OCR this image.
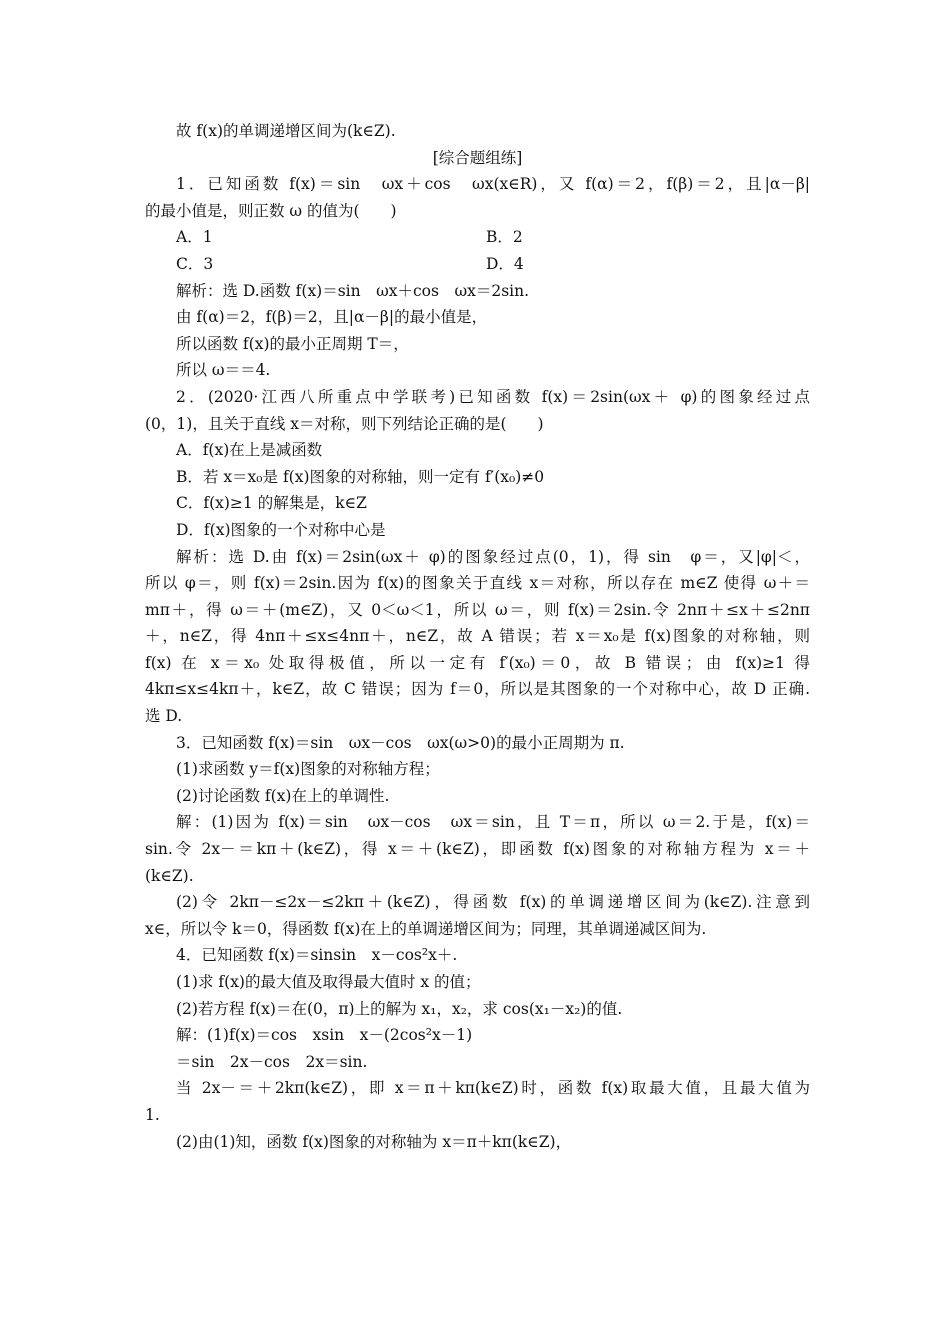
故 f(x)的单调递增区间为(k∈Z).
[综合题组练]
1．已知函数 f(x)＝sin　ωx＋cos　ωx(x∈R)，又 f(α)＝2，f(β)＝2，且|α－β|
的最小值是，则正数 ω 的值为(　　)
A．1	B．2
C．3	D．4
解析：选 D.函数 f(x)＝sin　ωx＋cos　ωx＝2sin.
由 f(α)＝2，f(β)＝2，且|α－β|的最小值是，
所以函数 f(x)的最小正周期 T＝，
所以 ω＝＝4.
2．(2020·江西八所重点中学联考)已知函数 f(x)＝2sin(ωx＋ φ)的图象经过点
(0，1)，且关于直线 x＝对称，则下列结论正确的是(　　)
A．f(x)在上是减函数
B．若 x＝x₀是 f(x)图象的对称轴，则一定有 f′(x₀)≠0
C．f(x)≥1 的解集是，k∈Z
D．f(x)图象的一个对称中心是
解析：选 D.由 f(x)＝2sin(ωx＋ φ)的图象经过点(0，1)，得 sin　φ＝，又|φ|＜，
所以 φ＝，则 f(x)＝2sin.因为 f(x)的图象关于直线 x＝对称，所以存在 m∈Z 使得 ω＋＝
mπ＋，得 ω＝＋(m∈Z)，又 0＜ω＜1，所以 ω＝，则 f(x)＝2sin.令 2nπ＋≤x＋≤2nπ
＋，n∈Z，得 4nπ＋≤x≤4nπ＋，n∈Z，故 A 错误；若 x＝x₀是 f(x)图象的对称轴，则
f(x) 在 x＝x₀ 处取得极值，所以一定有 f′(x₀)＝0，故 B 错误；由 f(x)≥1 得
4kπ≤x≤4kπ＋，k∈Z，故 C 错误；因为 f＝0，所以是其图象的一个对称中心，故 D 正确.
选 D.
3．已知函数 f(x)＝sin　ωx－cos　ωx(ω>0)的最小正周期为 π.
(1)求函数 y＝f(x)图象的对称轴方程；
(2)讨论函数 f(x)在上的单调性.
解：(1)因为 f(x)＝sin　ωx－cos　ωx＝sin，且 T＝π，所以 ω＝2.于是，f(x)＝
sin.令 2x－＝kπ＋(k∈Z)，得 x＝＋(k∈Z)，即函数 f(x)图象的对称轴方程为 x＝＋
(k∈Z).
(2)令 2kπ－≤2x－≤2kπ＋(k∈Z)，得函数 f(x)的单调递增区间为(k∈Z).注意到
x∈，所以令 k＝0，得函数 f(x)在上的单调递增区间为；同理，其单调递减区间为.
4．已知函数 f(x)＝sinsin　x－cos²x＋.
(1)求 f(x)的最大值及取得最大值时 x 的值；
(2)若方程 f(x)＝在(0，π)上的解为 x₁，x₂，求 cos(x₁－x₂)的值.
解：(1)f(x)＝cos　xsin　x－(2cos²x－1)
＝sin　2x－cos　2x＝sin.
当 2x－＝＋2kπ(k∈Z)，即 x＝π＋kπ(k∈Z)时，函数 f(x)取最大值，且最大值为
1.
(2)由(1)知，函数 f(x)图象的对称轴为 x＝π＋kπ(k∈Z)，
